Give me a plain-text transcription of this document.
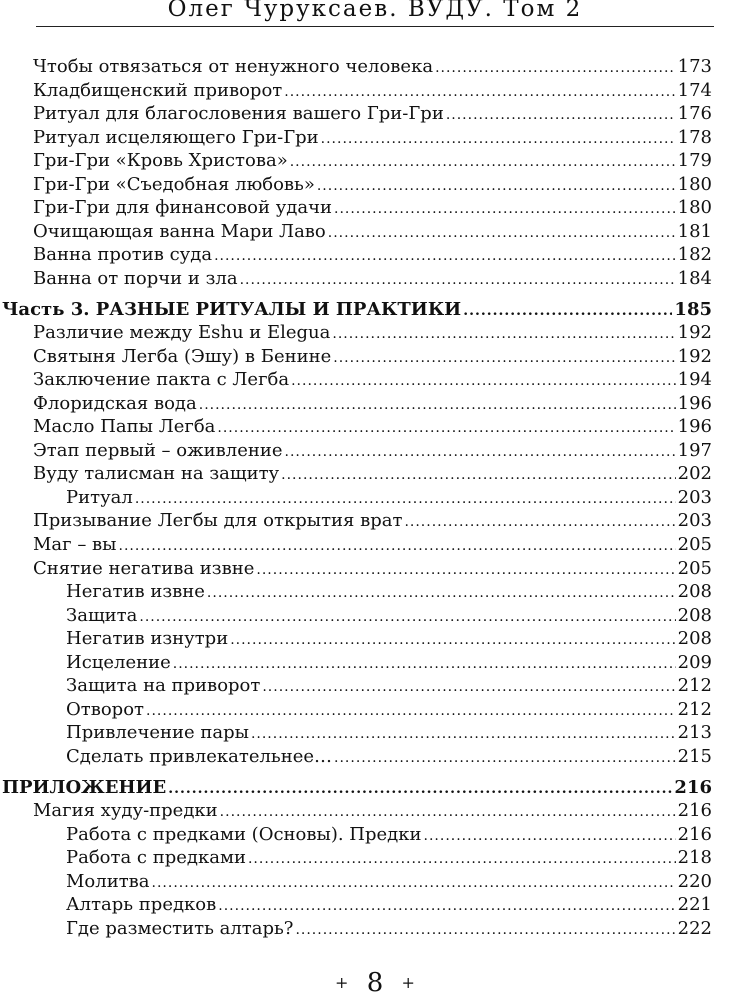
Олег Чуруксаев. ВУДУ. Том 2
Чтобы отвязаться от ненужного человека .....	173
Кладбищенский приворот .....	174
Ритуал для благословения вашего Гри-Гри .....	176
Ритуал исцеляющего Гри-Гри .....	178
Гри-Гри «Кровь Христова» .....	179
Гри-Гри «Съедобная любовь» .....	180
Гри-Гри для финансовой удачи .....	180
Очищающая ванна Мари Лаво .....	181
Ванна против суда .....	182
Ванна от порчи и зла .....	184
Часть 3. РАЗНЫЕ РИТУАЛЫ И ПРАКТИКИ .....	185
Различие между Eshu и Elegua .....	192
Святыня Легба (Эшу) в Бенине .....	192
Заключение пакта с Легба .....	194
Флоридская вода .....	196
Масло Папы Легба .....	196
Этап первый – оживление .....	197
Вуду талисман на защиту .....	202
Ритуал .....	203
Призывание Легбы для открытия врат .....	203
Маг – вы .....	205
Снятие негатива извне .....	205
Негатив извне .....	208
Защита .....	208
Негатив изнутри .....	208
Исцеление .....	209
Защита на приворот .....	212
Отворот .....	212
Привлечение пары .....	213
Сделать привлекательнее… .....	215
ПРИЛОЖЕНИЕ .....	216
Магия худу-предки .....	216
Работа с предками (Основы). Предки .....	216
Работа с предками .....	218
Молитва .....	220
Алтарь предков .....	221
Где разместить алтарь? .....	222
+ 8 +
